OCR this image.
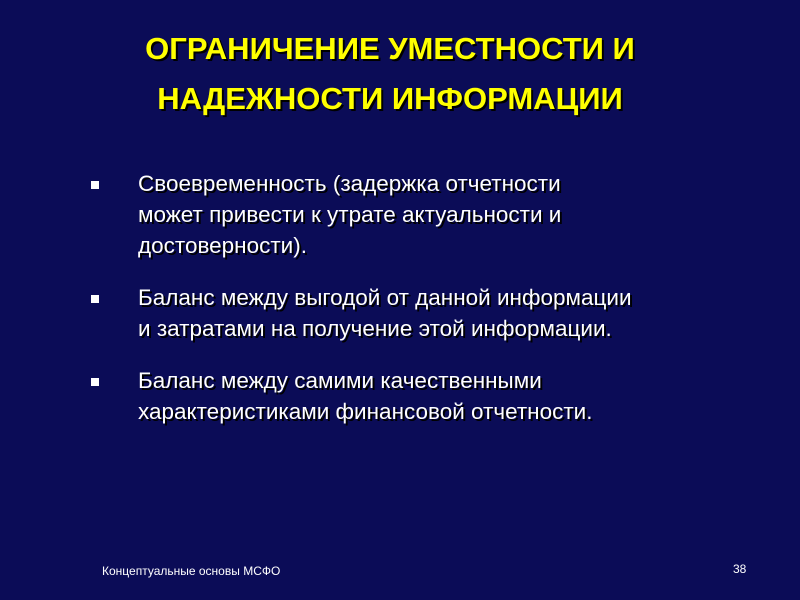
ОГРАНИЧЕНИЕ УМЕСТНОСТИ И
НАДЕЖНОСТИ ИНФОРМАЦИИ
Своевременность (задержка отчетности
может привести к утрате актуальности и
достоверности).
Баланс между выгодой от данной информации
и затратами на получение этой информации.
Баланс между самими качественными
характеристиками финансовой отчетности.
Концептуальные основы МСФО	38
